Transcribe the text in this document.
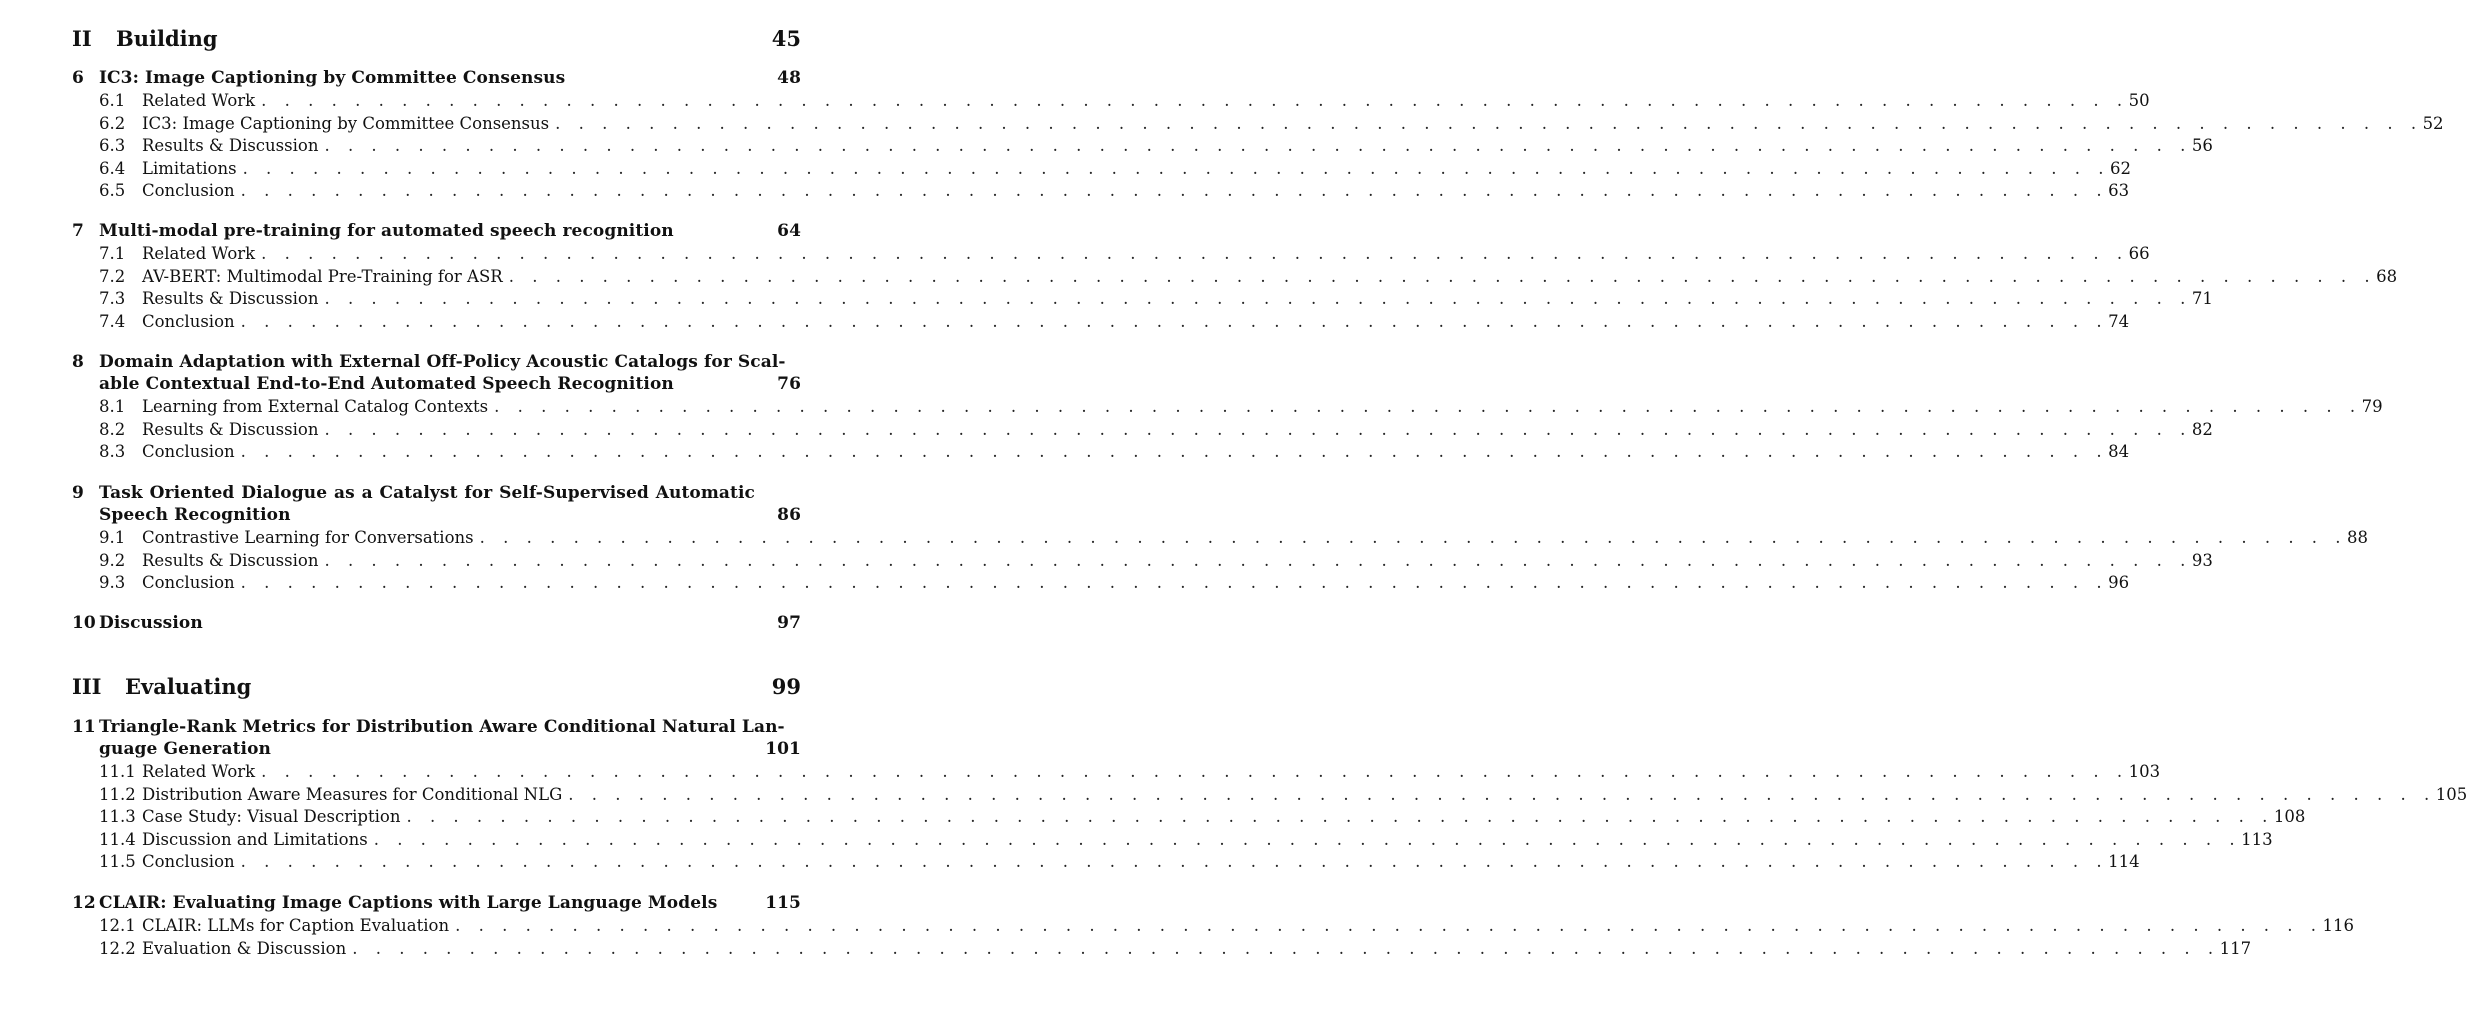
II Building	45
6 IC3: Image Captioning by Committee Consensus	48
6.1 Related Work . . . . . . . . . . . . . . . . . . . . . . . . . . . . . . . . . . . . . . . . . . . . . . . . . . . . . . . . . . . . . . . . . . . . . . . . . . . . . . . . 50
6.2 IC3: Image Captioning by Committee Consensus . . . . . . . . . . . . . . . . . . . . . . . . . . . . . . . . . . . . . . . . . . . . . . . . . . . . . . . . . . . . . . . . . . . . . . . . . . . . . . . . 52
6.3 Results & Discussion . . . . . . . . . . . . . . . . . . . . . . . . . . . . . . . . . . . . . . . . . . . . . . . . . . . . . . . . . . . . . . . . . . . . . . . . . . . . . . . . 56
6.4 Limitations . . . . . . . . . . . . . . . . . . . . . . . . . . . . . . . . . . . . . . . . . . . . . . . . . . . . . . . . . . . . . . . . . . . . . . . . . . . . . . . . 62
6.5 Conclusion . . . . . . . . . . . . . . . . . . . . . . . . . . . . . . . . . . . . . . . . . . . . . . . . . . . . . . . . . . . . . . . . . . . . . . . . . . . . . . . . 63
7 Multi-modal pre-training for automated speech recognition	64
7.1 Related Work . . . . . . . . . . . . . . . . . . . . . . . . . . . . . . . . . . . . . . . . . . . . . . . . . . . . . . . . . . . . . . . . . . . . . . . . . . . . . . . . 66
7.2 AV-BERT: Multimodal Pre-Training for ASR . . . . . . . . . . . . . . . . . . . . . . . . . . . . . . . . . . . . . . . . . . . . . . . . . . . . . . . . . . . . . . . . . . . . . . . . . . . . . . . . 68
7.3 Results & Discussion . . . . . . . . . . . . . . . . . . . . . . . . . . . . . . . . . . . . . . . . . . . . . . . . . . . . . . . . . . . . . . . . . . . . . . . . . . . . . . . . 71
7.4 Conclusion . . . . . . . . . . . . . . . . . . . . . . . . . . . . . . . . . . . . . . . . . . . . . . . . . . . . . . . . . . . . . . . . . . . . . . . . . . . . . . . . 74
8 Domain Adaptation with External Off-Policy Acoustic Catalogs for Scal-
able Contextual End-to-End Automated Speech Recognition	76
8.1 Learning from External Catalog Contexts . . . . . . . . . . . . . . . . . . . . . . . . . . . . . . . . . . . . . . . . . . . . . . . . . . . . . . . . . . . . . . . . . . . . . . . . . . . . . . . . 79
8.2 Results & Discussion . . . . . . . . . . . . . . . . . . . . . . . . . . . . . . . . . . . . . . . . . . . . . . . . . . . . . . . . . . . . . . . . . . . . . . . . . . . . . . . . 82
8.3 Conclusion . . . . . . . . . . . . . . . . . . . . . . . . . . . . . . . . . . . . . . . . . . . . . . . . . . . . . . . . . . . . . . . . . . . . . . . . . . . . . . . . 84
9 Task Oriented Dialogue as a Catalyst for Self-Supervised Automatic
Speech Recognition	86
9.1 Contrastive Learning for Conversations . . . . . . . . . . . . . . . . . . . . . . . . . . . . . . . . . . . . . . . . . . . . . . . . . . . . . . . . . . . . . . . . . . . . . . . . . . . . . . . . 88
9.2 Results & Discussion . . . . . . . . . . . . . . . . . . . . . . . . . . . . . . . . . . . . . . . . . . . . . . . . . . . . . . . . . . . . . . . . . . . . . . . . . . . . . . . . 93
9.3 Conclusion . . . . . . . . . . . . . . . . . . . . . . . . . . . . . . . . . . . . . . . . . . . . . . . . . . . . . . . . . . . . . . . . . . . . . . . . . . . . . . . . 96
10 Discussion	97
III Evaluating	99
11 Triangle-Rank Metrics for Distribution Aware Conditional Natural Lan-
guage Generation	101
11.1 Related Work . . . . . . . . . . . . . . . . . . . . . . . . . . . . . . . . . . . . . . . . . . . . . . . . . . . . . . . . . . . . . . . . . . . . . . . . . . . . . . . . 103
11.2 Distribution Aware Measures for Conditional NLG . . . . . . . . . . . . . . . . . . . . . . . . . . . . . . . . . . . . . . . . . . . . . . . . . . . . . . . . . . . . . . . . . . . . . . . . . . . . . . . . 105
11.3 Case Study: Visual Description . . . . . . . . . . . . . . . . . . . . . . . . . . . . . . . . . . . . . . . . . . . . . . . . . . . . . . . . . . . . . . . . . . . . . . . . . . . . . . . . 108
11.4 Discussion and Limitations . . . . . . . . . . . . . . . . . . . . . . . . . . . . . . . . . . . . . . . . . . . . . . . . . . . . . . . . . . . . . . . . . . . . . . . . . . . . . . . . 113
11.5 Conclusion . . . . . . . . . . . . . . . . . . . . . . . . . . . . . . . . . . . . . . . . . . . . . . . . . . . . . . . . . . . . . . . . . . . . . . . . . . . . . . . . 114
12 CLAIR: Evaluating Image Captions with Large Language Models	115
12.1 CLAIR: LLMs for Caption Evaluation . . . . . . . . . . . . . . . . . . . . . . . . . . . . . . . . . . . . . . . . . . . . . . . . . . . . . . . . . . . . . . . . . . . . . . . . . . . . . . . . 116
12.2 Evaluation & Discussion . . . . . . . . . . . . . . . . . . . . . . . . . . . . . . . . . . . . . . . . . . . . . . . . . . . . . . . . . . . . . . . . . . . . . . . . . . . . . . . . 117
